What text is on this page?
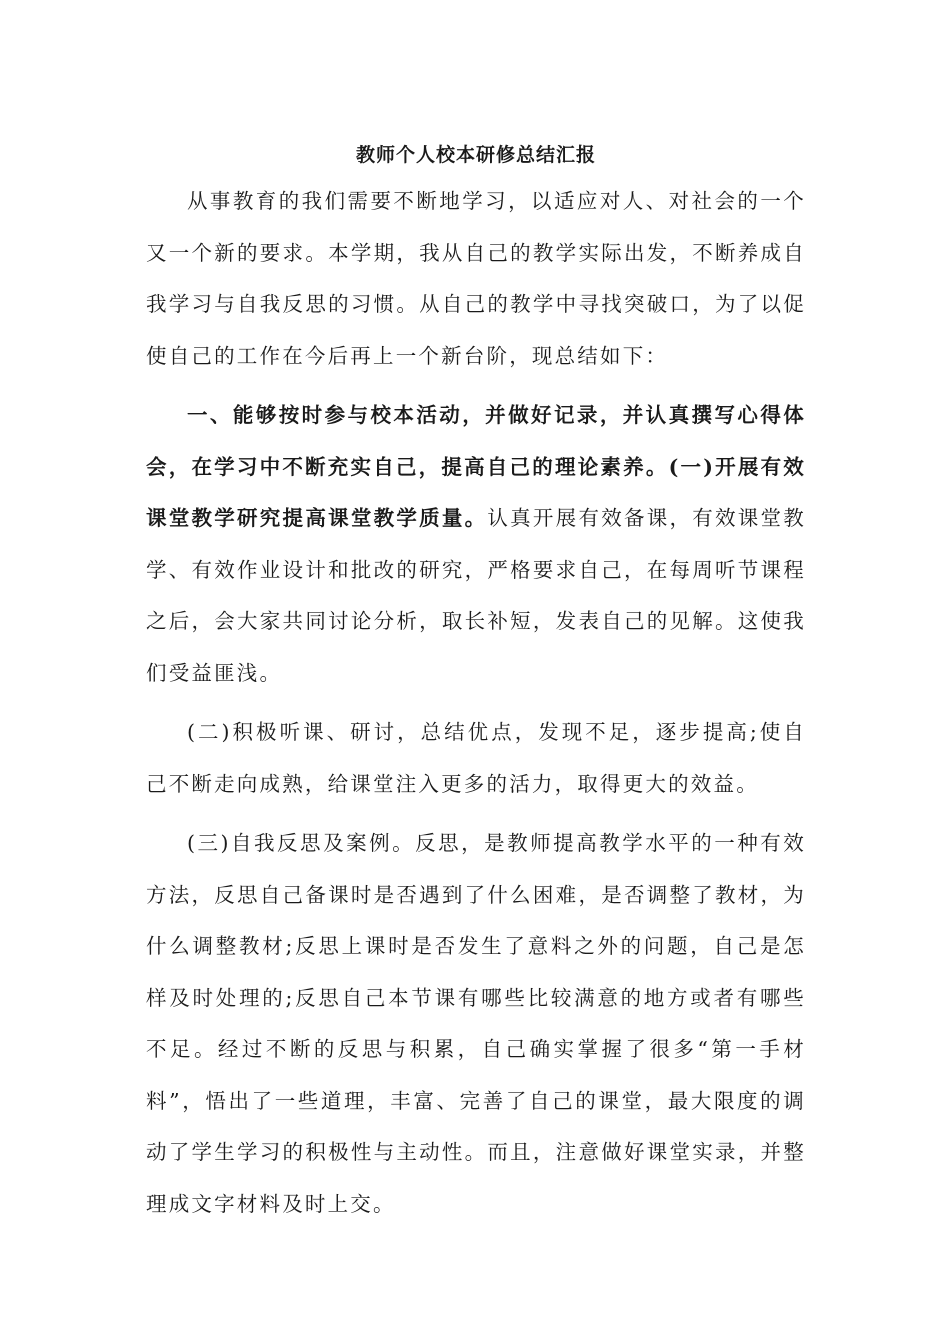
教师个人校本研修总结汇报

从事教育的我们需要不断地学习，以适应对人、对社会的一个又一个新的要求。本学期，我从自己的教学实际出发，不断养成自我学习与自我反思的习惯。从自己的教学中寻找突破口，为了以促使自己的工作在今后再上一个新台阶，现总结如下：

一、能够按时参与校本活动，并做好记录，并认真撰写心得体会，在学习中不断充实自己，提高自己的理论素养。(一)开展有效课堂教学研究提高课堂教学质量。认真开展有效备课，有效课堂教学、有效作业设计和批改的研究，严格要求自己，在每周听节课程之后，会大家共同讨论分析，取长补短，发表自己的见解。这使我们受益匪浅。

(二)积极听课、研讨，总结优点，发现不足，逐步提高;使自己不断走向成熟，给课堂注入更多的活力，取得更大的效益。

(三)自我反思及案例。反思，是教师提高教学水平的一种有效方法，反思自己备课时是否遇到了什么困难，是否调整了教材，为什么调整教材;反思上课时是否发生了意料之外的问题，自己是怎样及时处理的;反思自己本节课有哪些比较满意的地方或者有哪些不足。经过不断的反思与积累，自己确实掌握了很多“第一手材料”，悟出了一些道理，丰富、完善了自己的课堂，最大限度的调动了学生学习的积极性与主动性。而且，注意做好课堂实录，并整理成文字材料及时上交。
